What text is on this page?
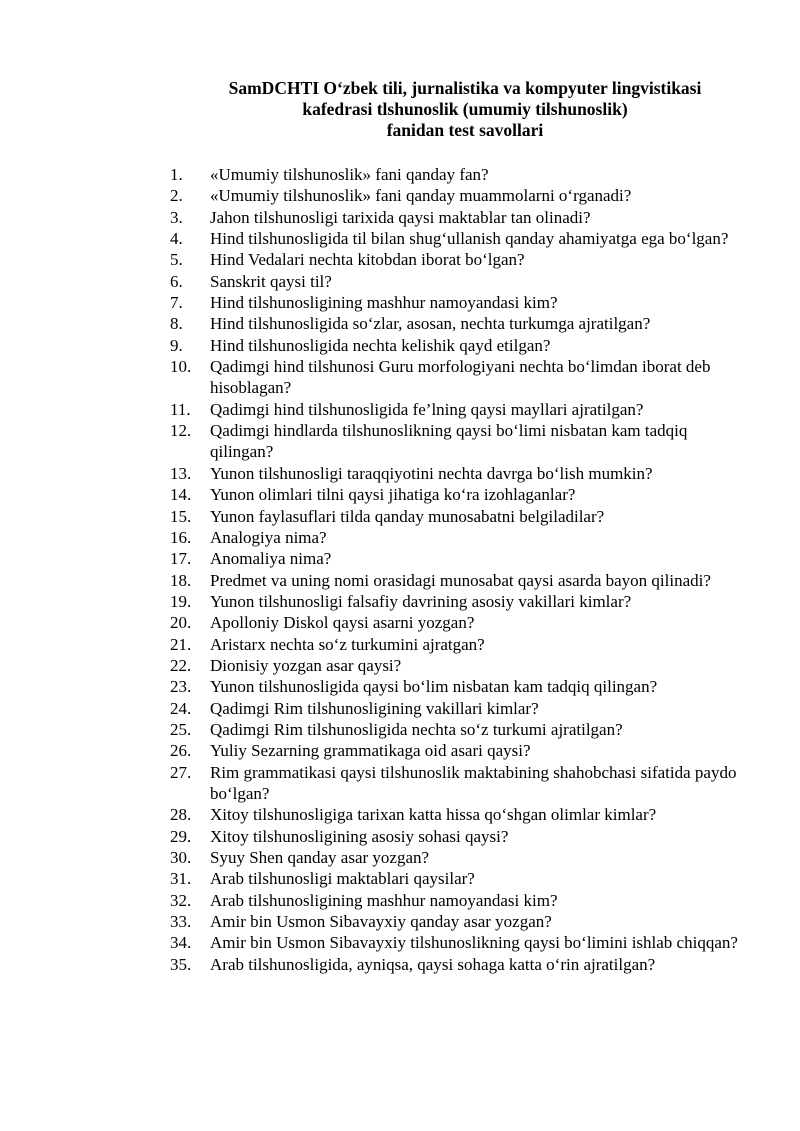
SamDCHTI O‘zbek tili, jurnalistika va kompyuter lingvistikasi
kafedrasi tlshunoslik (umumiy tilshunoslik)
fanidan test savollari
1.	«Umumiy tilshunoslik» fani qanday fan?
2.	«Umumiy tilshunoslik» fani qanday muammolarni o‘rganadi?
3.	Jahon tilshunosligi tarixida qaysi maktablar tan olinadi?
4.	Hind tilshunosligida til bilan shug‘ullanish qanday ahamiyatga ega bo‘lgan?
5.	Hind Vedalari nechta kitobdan iborat bo‘lgan?
6.	Sanskrit qaysi til?
7.	Hind tilshunosligining mashhur namoyandasi kim?
8.	Hind tilshunosligida so‘zlar, asosan, nechta turkumga ajratilgan?
9.	Hind tilshunosligida nechta kelishik qayd etilgan?
10.	Qadimgi hind tilshunosi Guru morfologiyani nechta bo‘limdan iborat deb hisoblagan?
11.	Qadimgi hind tilshunosligida fe’lning qaysi mayllari ajratilgan?
12.	Qadimgi hindlarda tilshunoslikning qaysi bo‘limi nisbatan kam tadqiq qilingan?
13.	Yunon tilshunosligi taraqqiyotini nechta davrga bo‘lish mumkin?
14.	Yunon olimlari tilni qaysi jihatiga ko‘ra izohlaganlar?
15.	Yunon faylasuflari tilda qanday munosabatni belgiladilar?
16.	Analogiya nima?
17.	Anomaliya nima?
18.	Predmet va uning nomi orasidagi munosabat qaysi asarda bayon qilinadi?
19.	Yunon tilshunosligi falsafiy davrining asosiy vakillari kimlar?
20.	Apolloniy Diskol qaysi asarni yozgan?
21.	Aristarx nechta so‘z turkumini ajratgan?
22.	Dionisiy yozgan asar qaysi?
23.	Yunon tilshunosligida qaysi bo‘lim nisbatan kam tadqiq qilingan?
24.	Qadimgi Rim tilshunosligining vakillari kimlar?
25.	Qadimgi Rim tilshunosligida nechta so‘z turkumi ajratilgan?
26.	Yuliy Sezarning grammatikaga oid asari qaysi?
27.	Rim grammatikasi qaysi tilshunoslik maktabining shahobchasi sifatida paydo bo‘lgan?
28.	Xitoy tilshunosligiga tarixan katta hissa qo‘shgan olimlar kimlar?
29.	Xitoy tilshunosligining asosiy sohasi qaysi?
30.	Syuy Shen qanday asar yozgan?
31.	Arab tilshunosligi maktablari qaysilar?
32.	Arab tilshunosligining mashhur namoyandasi kim?
33.	Amir bin Usmon Sibavayxiy qanday asar yozgan?
34.	Amir bin Usmon Sibavayxiy tilshunoslikning qaysi bo‘limini ishlab chiqqan?
35.	Arab tilshunosligida, ayniqsa, qaysi sohaga katta o‘rin ajratilgan?
